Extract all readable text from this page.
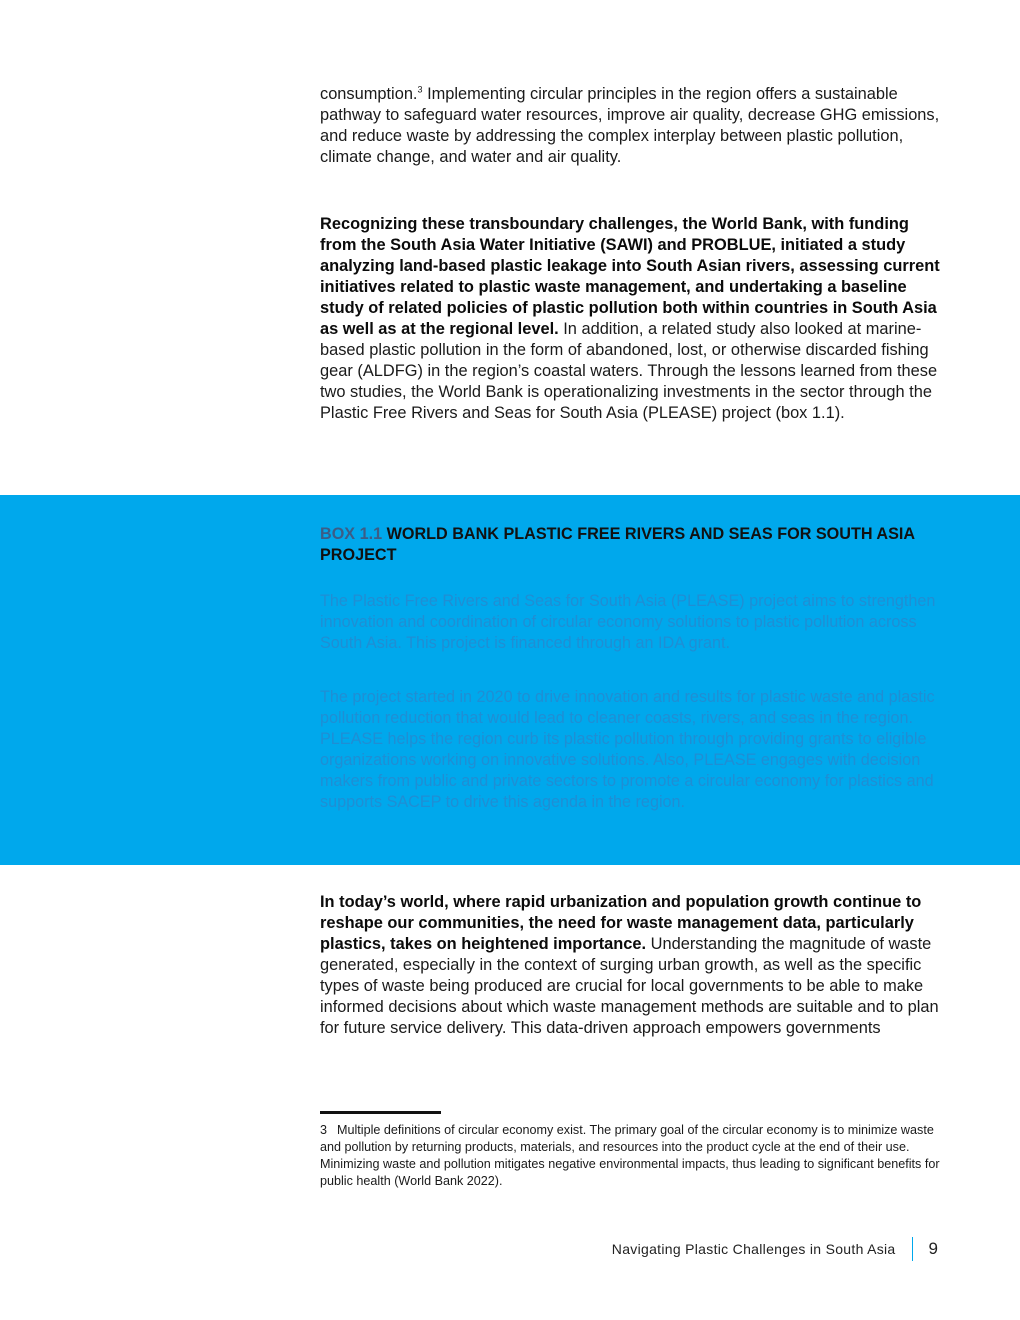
consumption.$^3$ Implementing circular principles in the region offers a sustainable pathway to safeguard water resources, improve air quality, decrease GHG emissions, and reduce waste by addressing the complex interplay between plastic pollution, climate change, and water and air quality.

Recognizing these transboundary challenges, the World Bank, with funding from the South Asia Water Initiative (SAWI) and PROBLUE, initiated a study analyzing land-based plastic leakage into South Asian rivers, assessing current initiatives related to plastic waste management, and undertaking a baseline study of related policies of plastic pollution both within countries in South Asia as well as at the regional level. In addition, a related study also looked at marine-based plastic pollution in the form of abandoned, lost, or otherwise discarded fishing gear (ALDFG) in the region’s coastal waters. Through the lessons learned from these two studies, the World Bank is operationalizing investments in the sector through the Plastic Free Rivers and Seas for South Asia (PLEASE) project (box 1.1).

BOX 1.1 WORLD BANK PLASTIC FREE RIVERS AND SEAS FOR SOUTH ASIA PROJECT

The Plastic Free Rivers and Seas for South Asia (PLEASE) project aims to strengthen innovation and coordination of circular economy solutions to plastic pollution across South Asia. This project is financed through an IDA grant.

The project started in 2020 to drive innovation and results for plastic waste and plastic pollution reduction that would lead to cleaner coasts, rivers, and seas in the region. PLEASE helps the region curb its plastic pollution through providing grants to eligible organizations working on innovative solutions. Also, PLEASE engages with decision makers from public and private sectors to promote a circular economy for plastics and supports SACEP to drive this agenda in the region.

In today’s world, where rapid urbanization and population growth continue to reshape our communities, the need for waste management data, particularly plastics, takes on heightened importance. Understanding the magnitude of waste generated, especially in the context of surging urban growth, as well as the specific types of waste being produced are crucial for local governments to be able to make informed decisions about which waste management methods are suitable and to plan for future service delivery. This data-driven approach empowers governments

3 Multiple definitions of circular economy exist. The primary goal of the circular economy is to minimize waste and pollution by returning products, materials, and resources into the product cycle at the end of their use. Minimizing waste and pollution mitigates negative environmental impacts, thus leading to significant benefits for public health (World Bank 2022).

Navigating Plastic Challenges in South Asia 9
